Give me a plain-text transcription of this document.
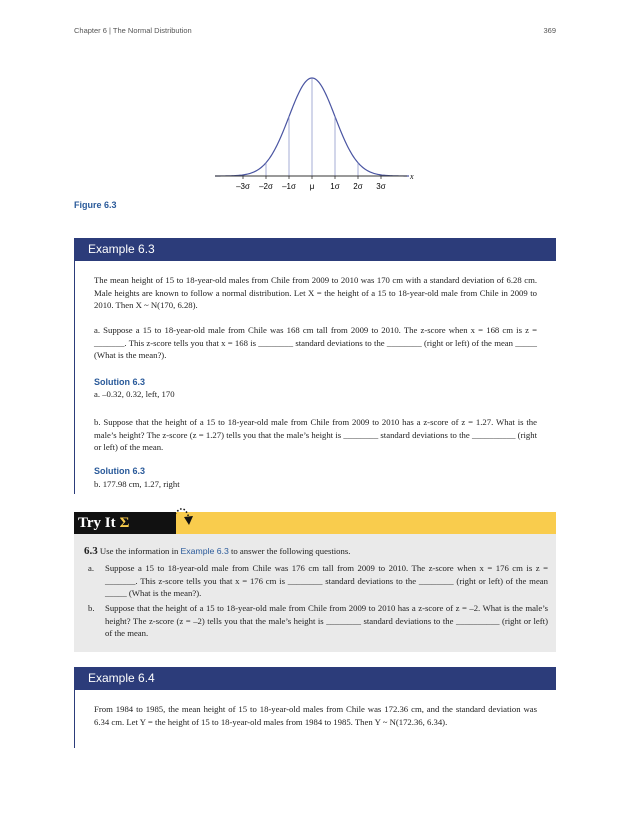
Chapter 6 | The Normal Distribution	369
x
–3σ –2σ –1σ μ 1σ 2σ 3σ
Figure 6.3
Example 6.3
The mean height of 15 to 18-year-old males from Chile from 2009 to 2010 was 170 cm with a standard deviation of 6.28 cm. Male heights are known to follow a normal distribution. Let X = the height of a 15 to 18-year-old male from Chile in 2009 to 2010. Then X ~ N(170, 6.28).
a. Suppose a 15 to 18-year-old male from Chile was 168 cm tall from 2009 to 2010. The z-score when x = 168 cm is z = _______. This z-score tells you that x = 168 is ________ standard deviations to the ________ (right or left) of the mean _____ (What is the mean?).
Solution 6.3
a. –0.32, 0.32, left, 170
b. Suppose that the height of a 15 to 18-year-old male from Chile from 2009 to 2010 has a z-score of z = 1.27. What is the male’s height? The z-score (z = 1.27) tells you that the male’s height is ________ standard deviations to the __________ (right or left) of the mean.
Solution 6.3
b. 177.98 cm, 1.27, right
Try It Σ
6.3 Use the information in Example 6.3 to answer the following questions.
a. Suppose a 15 to 18-year-old male from Chile was 176 cm tall from 2009 to 2010. The z-score when x = 176 cm is z = _______. This z-score tells you that x = 176 cm is ________ standard deviations to the ________ (right or left) of the mean _____ (What is the mean?).
b. Suppose that the height of a 15 to 18-year-old male from Chile from 2009 to 2010 has a z-score of z = –2. What is the male’s height? The z-score (z = –2) tells you that the male’s height is ________ standard deviations to the __________ (right or left) of the mean.
Example 6.4
From 1984 to 1985, the mean height of 15 to 18-year-old males from Chile was 172.36 cm, and the standard deviation was 6.34 cm. Let Y = the height of 15 to 18-year-old males from 1984 to 1985. Then Y ~ N(172.36, 6.34).
